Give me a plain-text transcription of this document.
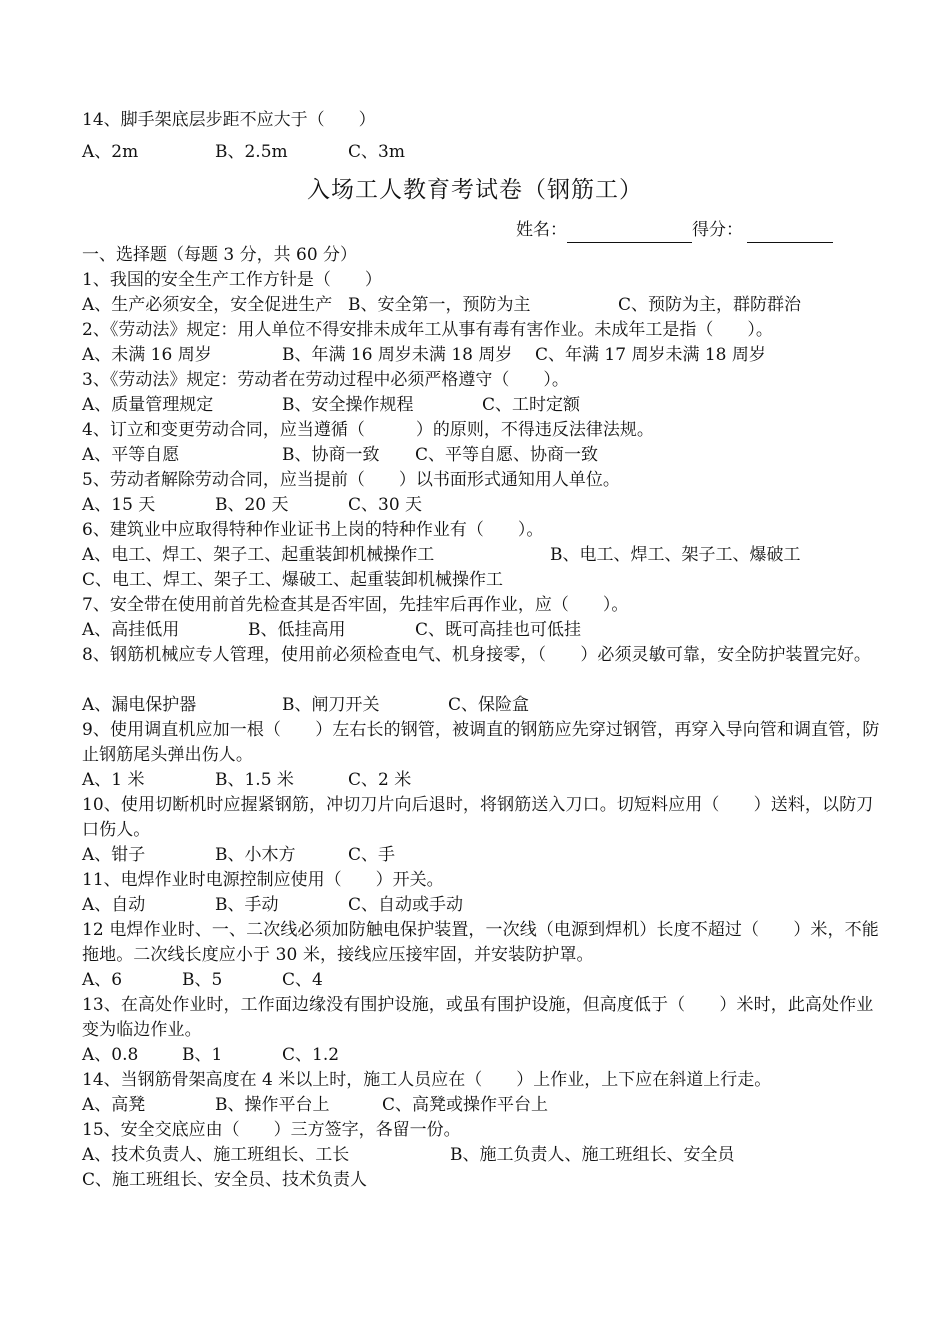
14、脚手架底层步距不应大于（　　）
A、2m	B、2.5m	C、3m
入场工人教育考试卷（钢筋工）
姓名：	得分：
一、选择题（每题 3 分，共 60 分）
1、我国的安全生产工作方针是（　　）
A、生产必须安全，安全促进生产 B、安全第一，预防为主	C、预防为主，群防群治
2、《劳动法》规定：用人单位不得安排未成年工从事有毒有害作业。未成年工是指（　　）。
A、未满 16 周岁	B、年满 16 周岁未满 18 周岁 C、年满 17 周岁未满 18 周岁
3、《劳动法》规定：劳动者在劳动过程中必须严格遵守（　　）。
A、质量管理规定	B、安全操作规程	C、工时定额
4、订立和变更劳动合同，应当遵循（　　　）的原则，不得违反法律法规。
A、平等自愿	B、协商一致 C、平等自愿、协商一致
5、劳动者解除劳动合同，应当提前（　　）以书面形式通知用人单位。
A、15 天	B、20 天	C、30 天
6、建筑业中应取得特种作业证书上岗的特种作业有（　　）。
A、电工、焊工、架子工、起重装卸机械操作工	B、电工、焊工、架子工、爆破工
C、电工、焊工、架子工、爆破工、起重装卸机械操作工
7、安全带在使用前首先检查其是否牢固，先挂牢后再作业，应（　　）。
A、高挂低用	B、低挂高用	C、既可高挂也可低挂
8、钢筋机械应专人管理，使用前必须检查电气、机身接零，（　　）必须灵敏可靠，安全防护装置完好。
A、漏电保护器	B、闸刀开关	C、保险盒
9、使用调直机应加一根（　　）左右长的钢管，被调直的钢筋应先穿过钢管，再穿入导向管和调直管，防止钢筋尾头弹出伤人。
A、1 米	B、1.5 米	C、2 米
10、使用切断机时应握紧钢筋，冲切刀片向后退时，将钢筋送入刀口。切短料应用（　　）送料，以防刀口伤人。
A、钳子	B、小木方	C、手
11、电焊作业时电源控制应使用（　　）开关。
A、自动	B、手动	C、自动或手动
12 电焊作业时、一、二次线必须加防触电保护装置，一次线（电源到焊机）长度不超过（　　）米，不能拖地。二次线长度应小于 30 米，接线应压接牢固，并安装防护罩。
A、6	B、5	C、4
13、在高处作业时，工作面边缘没有围护设施，或虽有围护设施，但高度低于（　　）米时，此高处作业变为临边作业。
A、0.8	B、1	C、1.2
14、当钢筋骨架高度在 4 米以上时，施工人员应在（　　）上作业，上下应在斜道上行走。
A、高凳	B、操作平台上	C、高凳或操作平台上
15、安全交底应由（　　）三方签字，各留一份。
A、技术负责人、施工班组长、工长	B、施工负责人、施工班组长、安全员
C、施工班组长、安全员、技术负责人
